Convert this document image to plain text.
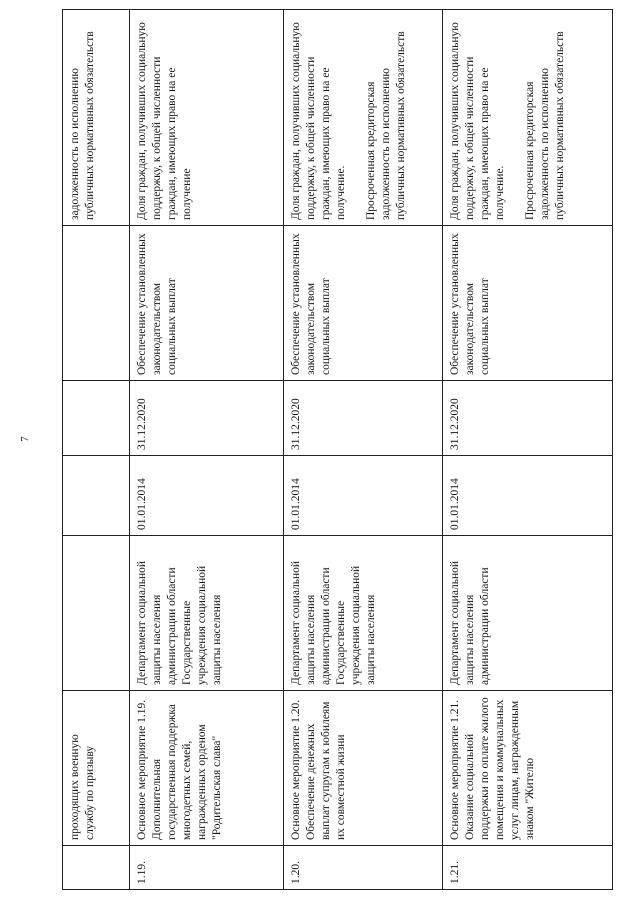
7
	проходящих военную службу по призыву					задолженность по исполнению публичных нормативных обязательств
1.19.	Основное мероприятие 1.19. Дополнительная государственная поддержка многодетных семей, награжденных орденом "Родительская слава"	Департамент социальной защиты населения администрации области Государственные учреждения социальной защиты населения	01.01.2014	31.12.2020	Обеспечение установленных законодательством социальных выплат	Доля граждан, получивших социальную поддержку, к общей численности граждан, имеющих право на ее получение
1.20.	Основное мероприятие 1.20. Обеспечение денежных выплат супругам к юбилеям их совместной жизни	Департамент социальной защиты населения администрации области Государственные учреждения социальной защиты населения	01.01.2014	31.12.2020	Обеспечение установленных законодательством социальных выплат	Доля граждан, получивших социальную поддержку, к общей численности граждан, имеющих право на ее получение.

Просроченная кредиторская задолженность по исполнению публичных нормативных обязательств
1.21.	Основное мероприятие 1.21. Оказание социальной поддержки по оплате жилого помещения и коммунальных услуг лицам, награжденным знаком "Жителю	Департамент социальной защиты населения администрации области	01.01.2014	31.12.2020	Обеспечение установленных законодательством социальных выплат	Доля граждан, получивших социальную поддержку, к общей численности граждан, имеющих право на ее получение.

Просроченная кредиторская задолженность по исполнению публичных нормативных обязательств
